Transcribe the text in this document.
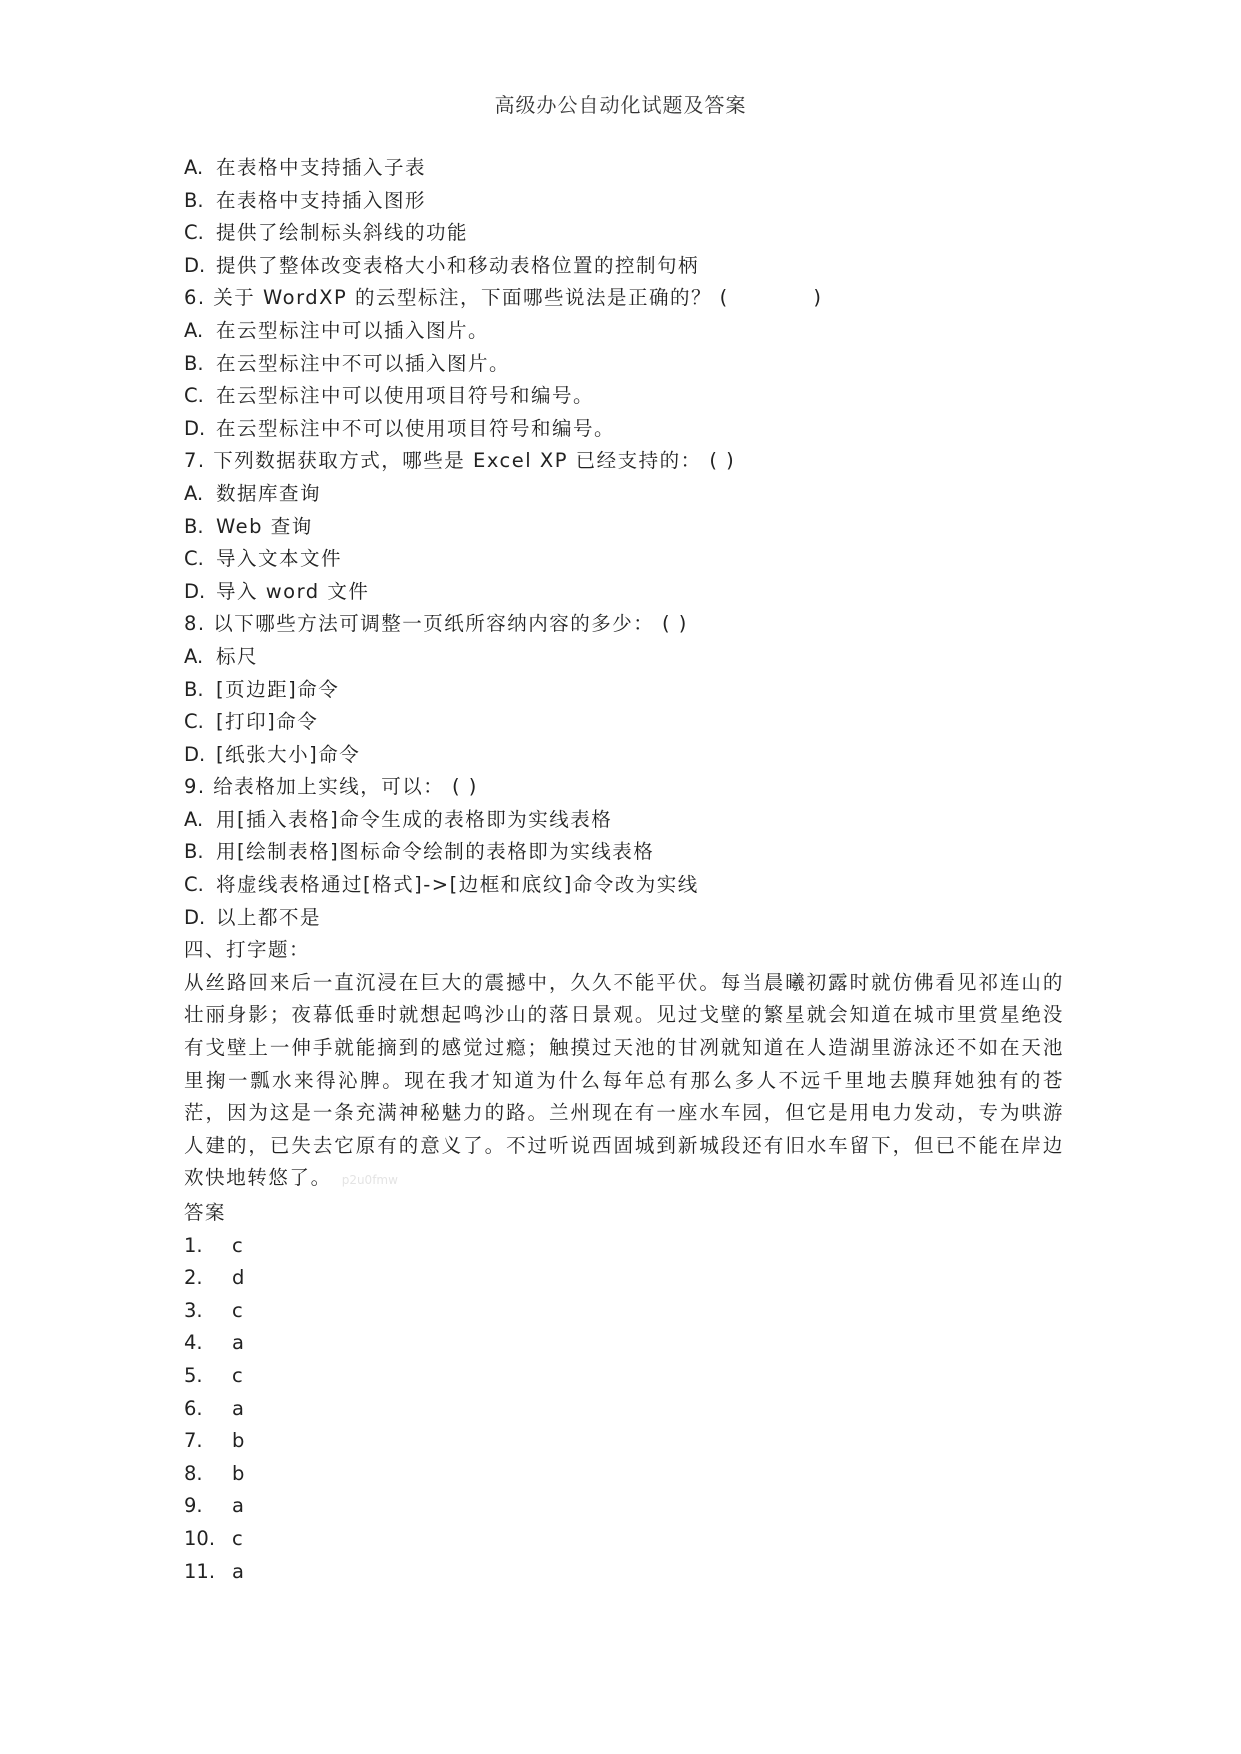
高级办公自动化试题及答案
A. 在表格中支持插入子表
B. 在表格中支持插入图形
C. 提供了绘制标头斜线的功能
D. 提供了整体改变表格大小和移动表格位置的控制句柄
6. 关于 WordXP 的云型标注，下面哪些说法是正确的？ (           )
A. 在云型标注中可以插入图片。
B. 在云型标注中不可以插入图片。
C. 在云型标注中可以使用项目符号和编号。
D. 在云型标注中不可以使用项目符号和编号。
7. 下列数据获取方式，哪些是 Excel XP 已经支持的： ( )
A. 数据库查询
B. Web 查询
C. 导入文本文件
D. 导入 word 文件
8. 以下哪些方法可调整一页纸所容纳内容的多少： ( )
A. 标尺
B. [页边距]命令
C. [打印]命令
D. [纸张大小]命令
9. 给表格加上实线，可以： ( )
A. 用[插入表格]命令生成的表格即为实线表格
B. 用[绘制表格]图标命令绘制的表格即为实线表格
C. 将虚线表格通过[格式]->[边框和底纹]命令改为实线
D. 以上都不是
四、打字题：
从丝路回来后一直沉浸在巨大的震撼中，久久不能平伏。每当晨曦初露时就仿佛看见祁连山的壮丽身影；夜幕低垂时就想起鸣沙山的落日景观。见过戈壁的繁星就会知道在城市里赏星绝没有戈壁上一伸手就能摘到的感觉过瘾；触摸过天池的甘冽就知道在人造湖里游泳还不如在天池里掬一瓢水来得沁脾。现在我才知道为什么每年总有那么多人不远千里地去膜拜她独有的苍茫，因为这是一条充满神秘魅力的路。兰州现在有一座水车园，但它是用电力发动，专为哄游人建的，已失去它原有的意义了。不过听说西固城到新城段还有旧水车留下，但已不能在岸边欢快地转悠了。 p2u0fmw
答案
1. c
2. d
3. c
4. a
5. c
6. a
7. b
8. b
9. a
10. c
11. a
